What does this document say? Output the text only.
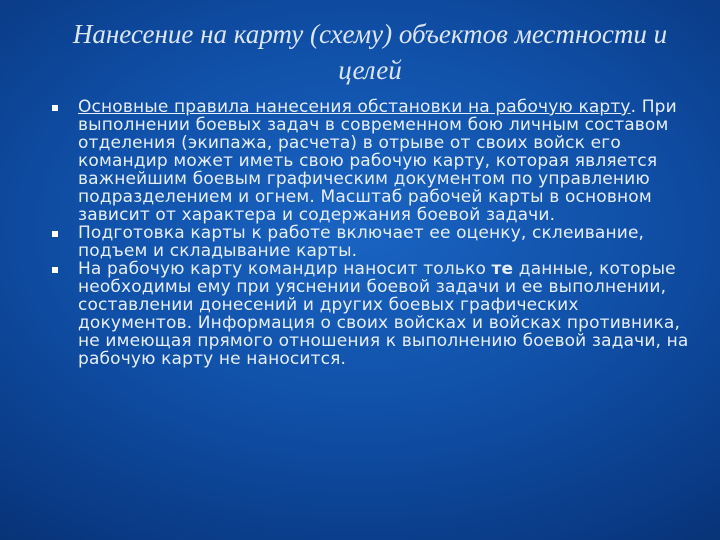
Нанесение на карту (схему) объектов местности и целей
Основные правила нанесения обстановки на рабочую карту. При выполнении боевых задач в современном бою личным составом отделения (экипажа, расчета) в отрыве от своих войск его командир может иметь свою рабочую карту, которая является важнейшим боевым графическим документом по управлению подразделением и огнем. Масштаб рабочей карты в основном зависит от характера и содержания боевой задачи.
Подготовка карты к работе включает ее оценку, склеивание, подъем и складывание карты.
На рабочую карту командир наносит только те данные, которые необходимы ему при уяснении боевой задачи и ее выполнении, составлении донесений и других боевых графических документов. Информация о своих войсках и войсках противника, не имеющая прямого отношения к выполнению боевой задачи, на рабочую карту не наносится.
